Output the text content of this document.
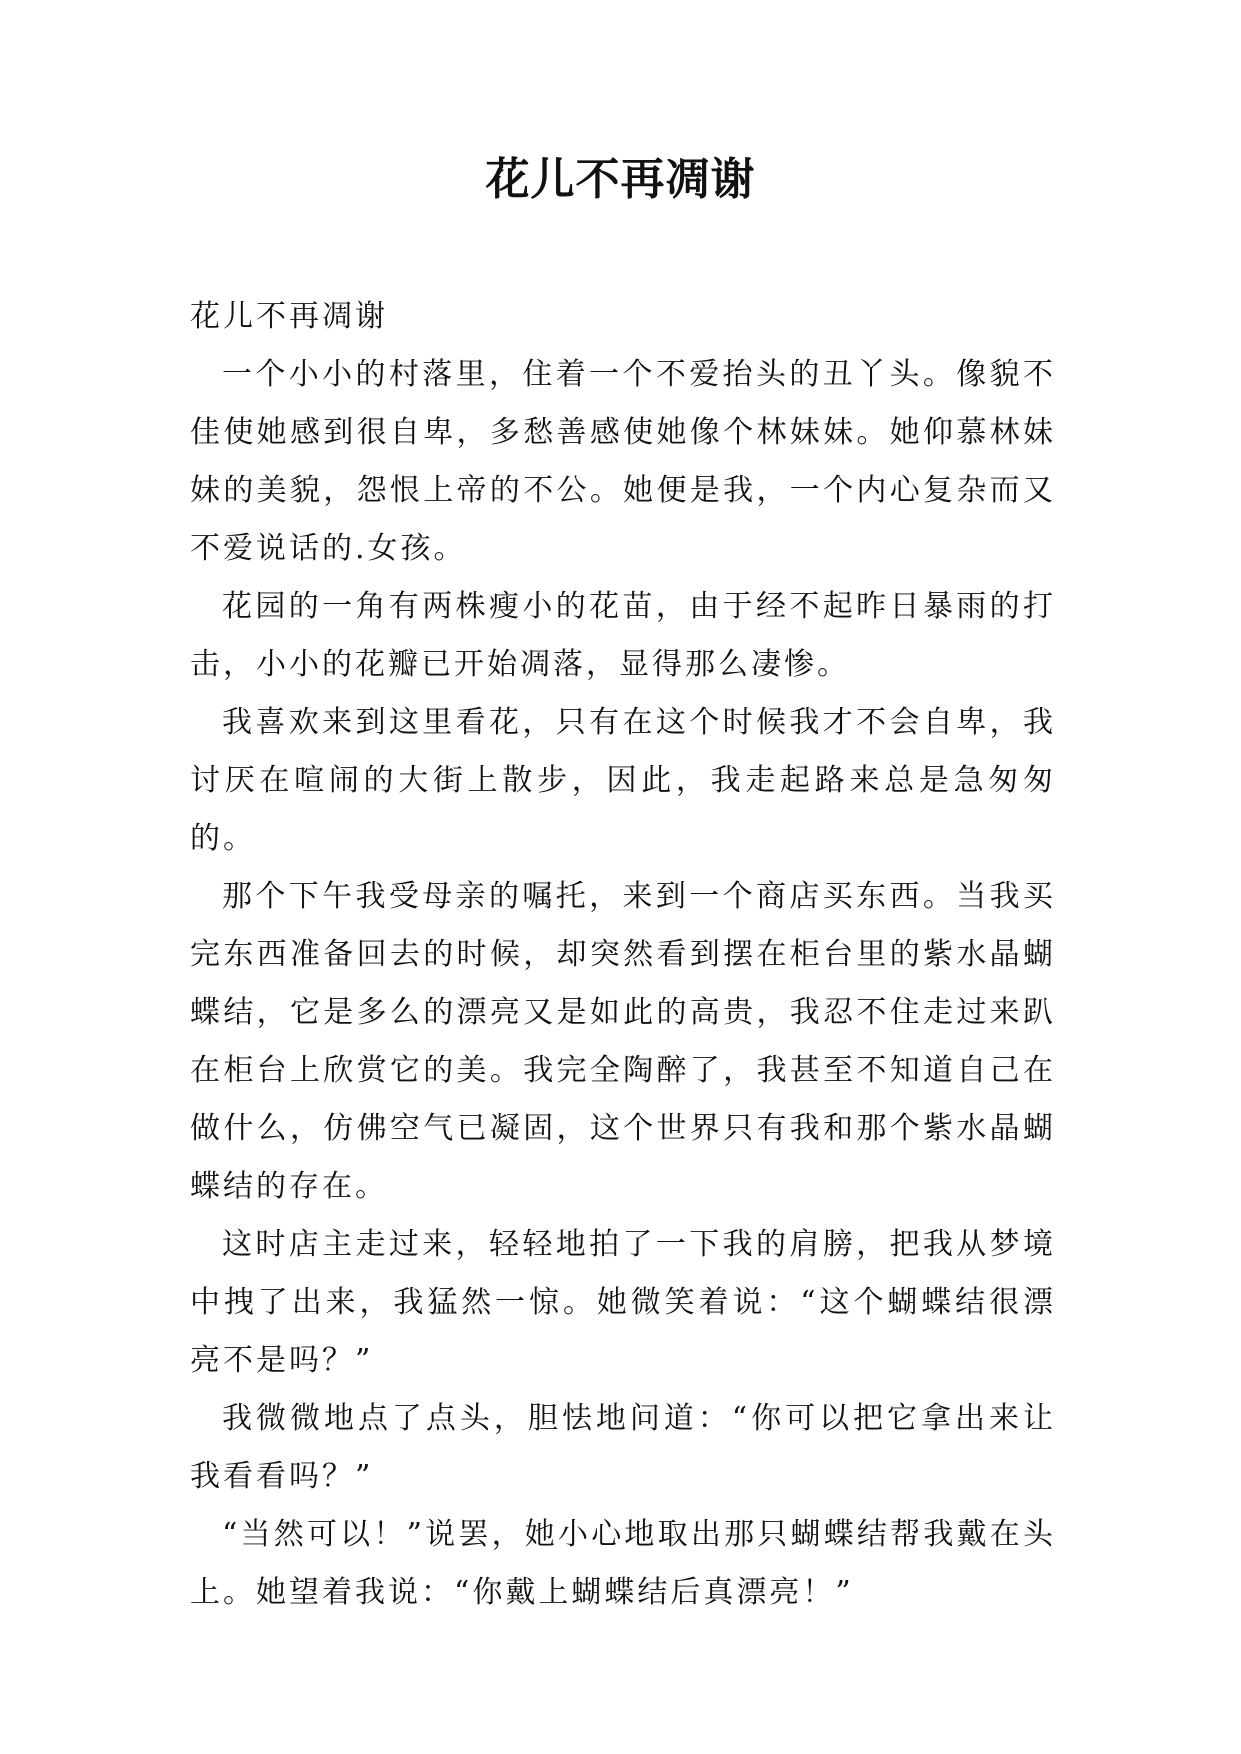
花儿不再凋谢

花儿不再凋谢

一个小小的村落里，住着一个不爱抬头的丑丫头。像貌不佳使她感到很自卑，多愁善感使她像个林妹妹。她仰慕林妹妹的美貌，怨恨上帝的不公。她便是我，一个内心复杂而又不爱说话的.女孩。

花园的一角有两株瘦小的花苗，由于经不起昨日暴雨的打击，小小的花瓣已开始凋落，显得那么凄惨。

我喜欢来到这里看花，只有在这个时候我才不会自卑，我讨厌在喧闹的大街上散步，因此，我走起路来总是急匆匆的。

那个下午我受母亲的嘱托，来到一个商店买东西。当我买完东西准备回去的时候，却突然看到摆在柜台里的紫水晶蝴蝶结，它是多么的漂亮又是如此的高贵，我忍不住走过来趴在柜台上欣赏它的美。我完全陶醉了，我甚至不知道自己在做什么，仿佛空气已凝固，这个世界只有我和那个紫水晶蝴蝶结的存在。

这时店主走过来，轻轻地拍了一下我的肩膀，把我从梦境中拽了出来，我猛然一惊。她微笑着说：“这个蝴蝶结很漂亮不是吗？”

我微微地点了点头，胆怯地问道：“你可以把它拿出来让我看看吗？”

“当然可以！”说罢，她小心地取出那只蝴蝶结帮我戴在头上。她望着我说：“你戴上蝴蝶结后真漂亮！”
